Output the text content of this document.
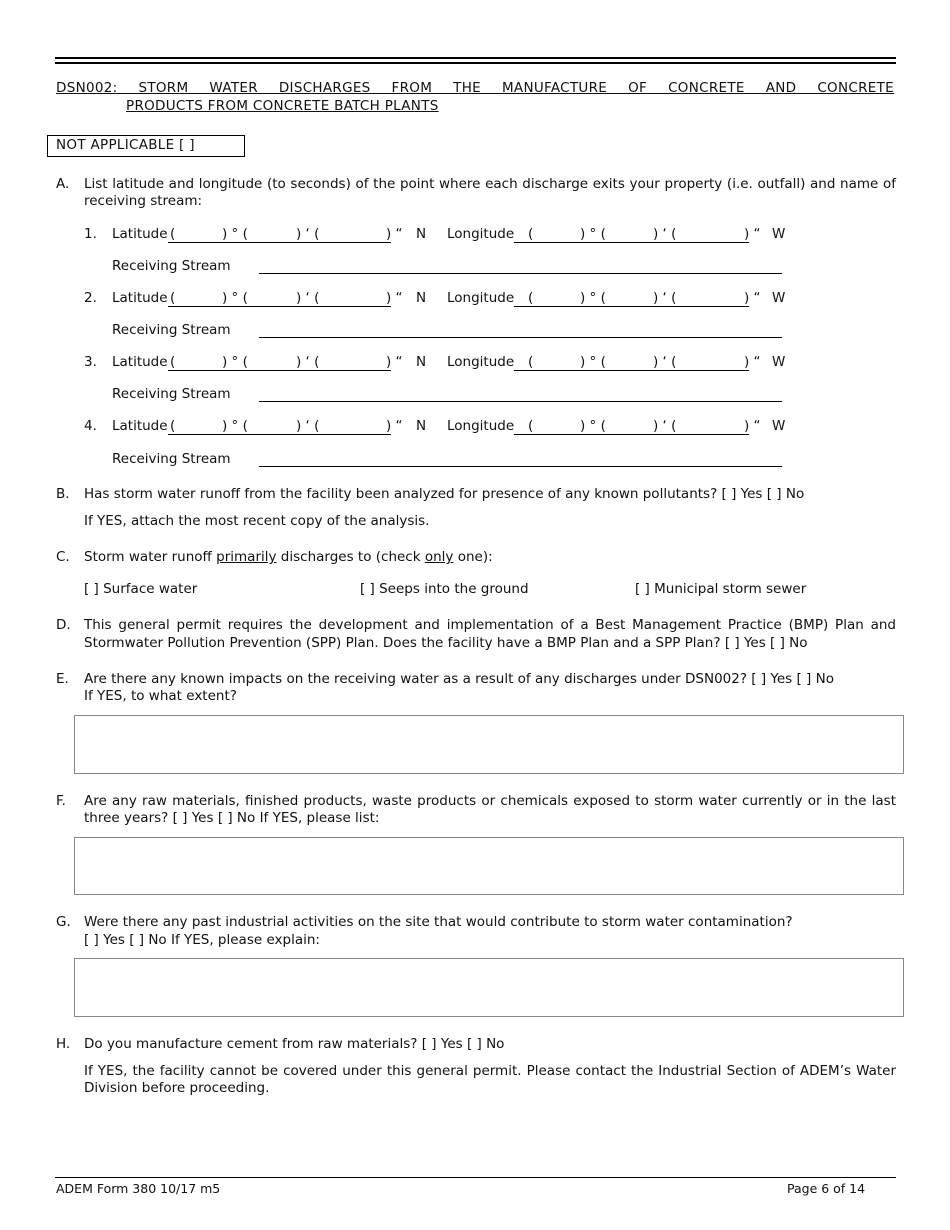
DSN002: STORM WATER DISCHARGES FROM THE MANUFACTURE OF CONCRETE AND CONCRETE
PRODUCTS FROM CONCRETE BATCH PLANTS
NOT APPLICABLE [ ]
A. List latitude and longitude (to seconds) of the point where each discharge exits your property (i.e. outfall) and name of receiving stream:
1. Latitude (	) ° (	) ‘ (	) “ N Longitude (	) ° (	) ‘ (	) “ W
Receiving Stream
2. Latitude (	) ° (	) ‘ (	) “ N Longitude (	) ° (	) ‘ (	) “ W
Receiving Stream
3. Latitude (	) ° (	) ‘ (	) “ N Longitude (	) ° (	) ‘ (	) “ W
Receiving Stream
4. Latitude (	) ° (	) ‘ (	) “ N Longitude (	) ° (	) ‘ (	) “ W
Receiving Stream
B. Has storm water runoff from the facility been analyzed for presence of any known pollutants? [ ] Yes [ ] No
If YES, attach the most recent copy of the analysis.
C. Storm water runoff primarily discharges to (check only one):
[ ] Surface water	[ ] Seeps into the ground	[ ] Municipal storm sewer
D. This general permit requires the development and implementation of a Best Management Practice (BMP) Plan and
Stormwater Pollution Prevention (SPP) Plan. Does the facility have a BMP Plan and a SPP Plan? [ ] Yes [ ] No
E. Are there any known impacts on the receiving water as a result of any discharges under DSN002? [ ] Yes [ ] No
If YES, to what extent?
F. Are any raw materials, finished products, waste products or chemicals exposed to storm water currently or in the last
three years? [ ] Yes [ ] No If YES, please list:
G. Were there any past industrial activities on the site that would contribute to storm water contamination?
[ ] Yes [ ] No If YES, please explain:
H. Do you manufacture cement from raw materials? [ ] Yes [ ] No
If YES, the facility cannot be covered under this general permit. Please contact the Industrial Section of ADEM’s Water Division before proceeding.
ADEM Form 380 10/17 m5	Page 6 of 14
